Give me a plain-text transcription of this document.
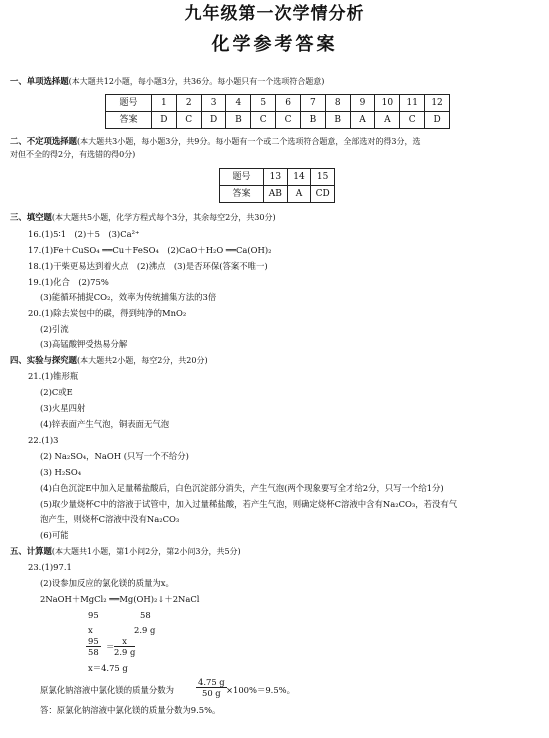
九年级第一次学情分析
化学参考答案
一、单项选择题(本大题共12小题，每小题3分，共36分。每小题只有一个选项符合题意)
题号	1	2	3	4	5	6	7	8	9	10	11	12
答案	D	C	D	B	C	C	B	B	A	A	C	D
二、不定项选择题(本大题共3小题，每小题3分，共9分。每小题有一个或二个选项符合题意，全部选对的得3分，选
对但不全的得2分，有选错的得0分)
题号	13	14	15
答案	AB	A	CD
三、填空题(本大题共5小题，化学方程式每个3分，其余每空2分，共30分)
16.(1)5∶1　(2)＋5　(3)Ca²⁺
17.(1)Fe＋CuSO₄ ══Cu＋FeSO₄　(2)CaO＋H₂O ══Ca(OH)₂
18.(1)干柴更易达到着火点　(2)沸点　(3)是否环保(答案不唯一)
19.(1)化合　(2)75%
(3)能循环捕捉CO₂，效率为传统捕集方法的3倍
20.(1)除去炭包中的碳，得到纯净的MnO₂
(2)引流
(3)高锰酸钾受热易分解
四、实验与探究题(本大题共2小题，每空2分，共20分)
21.(1)锥形瓶
(2)C或E
(3)火星四射
(4)锌表面产生气泡，铜表面无气泡
22.(1)3
(2) Na₂SO₄，NaOH (只写一个不给分)
(3) H₂SO₄
(4)白色沉淀E中加入足量稀盐酸后，白色沉淀部分消失，产生气泡(两个现象要写全才给2分，只写一个给1分)
(5)取少量烧杯C中的溶液于试管中，加入过量稀盐酸，若产生气泡，则确定烧杯C溶液中含有Na₂CO₃，若没有气
泡产生，则烧杯C溶液中没有Na₂CO₃
(6)可能
五、计算题(本大题共1小题，第1小问2分，第2小问3分，共5分)
23.(1)97.1
(2)设参加反应的氯化镁的质量为x。
2NaOH＋MgCl₂ ══Mg(OH)₂↓＋2NaCl
95	58
x	2.9 g
$\frac{95}{58} = \frac{x}{2.9 g}$
x＝4.75 g
原氯化钠溶液中氯化镁的质量分数为	$\frac{4.75 g}{50 g} \times 100\%=9.5\%$。
答：原氯化钠溶液中氯化镁的质量分数为9.5%。
